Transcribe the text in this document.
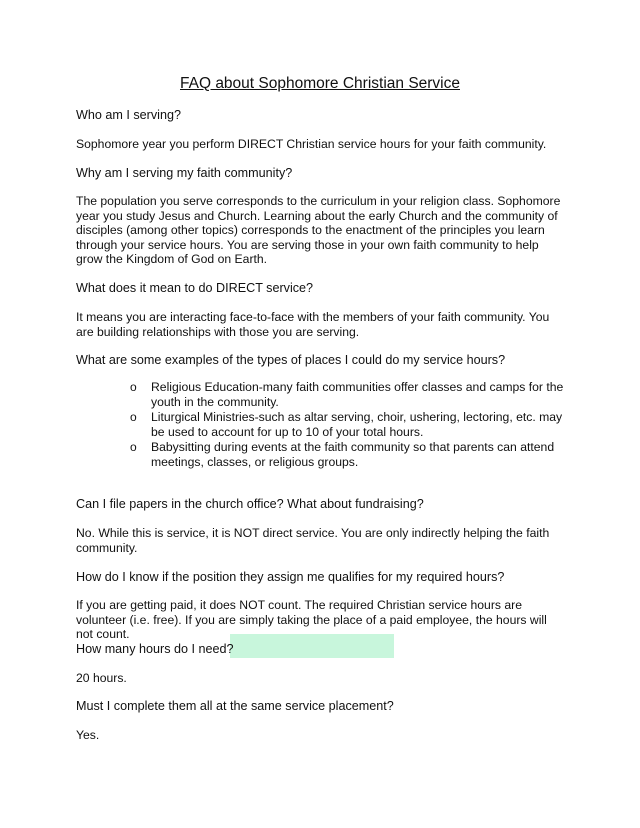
FAQ about Sophomore Christian Service

Who am I serving?

Sophomore year you perform DIRECT Christian service hours for your faith community.

Why am I serving my faith community?

The population you serve corresponds to the curriculum in your religion class. Sophomore year you study Jesus and Church. Learning about the early Church and the community of disciples (among other topics) corresponds to the enactment of the principles you learn through your service hours. You are serving those in your own faith community to help grow the Kingdom of God on Earth.

What does it mean to do DIRECT service?

It means you are interacting face-to-face with the members of your faith community. You are building relationships with those you are serving.

What are some examples of the types of places I could do my service hours?

o Religious Education-many faith communities offer classes and camps for the youth in the community.
o Liturgical Ministries-such as altar serving, choir, ushering, lectoring, etc. may be used to account for up to 10 of your total hours.
o Babysitting during events at the faith community so that parents can attend meetings, classes, or religious groups.

Can I file papers in the church office? What about fundraising?

No. While this is service, it is NOT direct service. You are only indirectly helping the faith community.

How do I know if the position they assign me qualifies for my required hours?

If you are getting paid, it does NOT count. The required Christian service hours are volunteer (i.e. free). If you are simply taking the place of a paid employee, the hours will not count.

How many hours do I need?

20 hours.

Must I complete them all at the same service placement?

Yes.
